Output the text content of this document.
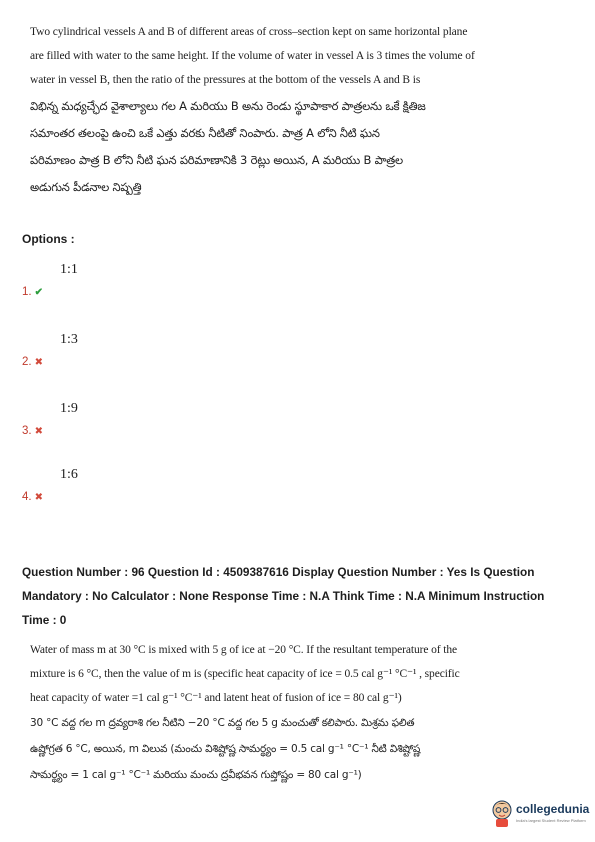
Two cylindrical vessels A and B of different areas of cross–section kept on same horizontal plane
are filled with water to the same height. If the volume of water in vessel A is 3 times the volume of
water in vessel B, then the ratio of the pressures at the bottom of the vessels A and B is
విభిన్న మధ్యచ్ఛేద వైశాల్యాలు గల A మరియు B అను రెండు స్థూపాకార పాత్రలను ఒకే క్షితిజ
సమాంతర తలంపై ఉంచి ఒకే ఎత్తు వరకు నీటితో నింపారు. పాత్ర A లోని నీటి ఘన
పరిమాణం పాత్ర B లోని నీటి ఘన పరిమాణానికి 3 రెట్లు అయిన, A మరియు B పాత్రల
అడుగున పీడనాల నిష్పత్తి
Options :
1:1
1. ✔
1:3
2. ✖
1:9
3. ✖
1:6
4. ✖
Question Number : 96 Question Id : 4509387616 Display Question Number : Yes Is Question
Mandatory : No Calculator : None Response Time : N.A Think Time : N.A Minimum Instruction
Time : 0
Water of mass m at 30 °C is mixed with 5 g of ice at −20 °C. If the resultant temperature of the
mixture is 6 °C, then the value of m is (specific heat capacity of ice = 0.5 cal g⁻¹ °C⁻¹ , specific
heat capacity of water =1 cal g⁻¹ °C⁻¹ and latent heat of fusion of ice = 80 cal g⁻¹)
30 °C వద్ద గల m ద్రవ్యరాశి గల నీటిని −20 °C వద్ద గల 5 g మంచుతో కలిపారు. మిశ్రమ ఫలిత
ఉష్ణోగ్రత 6 °C, అయిన, m విలువ (మంచు విశిష్టోష్ణ సామర్థ్యం = 0.5 cal g⁻¹ °C⁻¹ నీటి విశిష్టోష్ణ
సామర్థ్యం = 1 cal g⁻¹ °C⁻¹ మరియు మంచు ద్రవీభవన గుప్తోష్ణం = 80 cal g⁻¹)
collegedunia
India's largest Student Review Platform
